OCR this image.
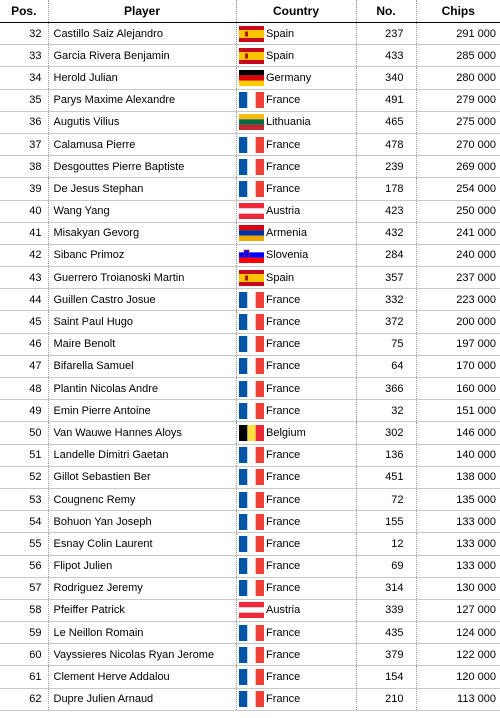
Pos.	Player	Country		No.	Chips
32	Castillo Saiz Alejandro		Spain	237	291 000
33	Garcia Rivera Benjamin		Spain	433	285 000
34	Herold Julian		Germany	340	280 000
35	Parys Maxime Alexandre		France	491	279 000
36	Augutis Vilius		Lithuania	465	275 000
37	Calamusa Pierre		France	478	270 000
38	Desgouttes Pierre Baptiste		France	239	269 000
39	De Jesus Stephan		France	178	254 000
40	Wang Yang		Austria	423	250 000
41	Misakyan Gevorg		Armenia	432	241 000
42	Sibanc Primoz		Slovenia	284	240 000
43	Guerrero Troianoski Martin		Spain	357	237 000
44	Guillen Castro Josue		France	332	223 000
45	Saint Paul Hugo		France	372	200 000
46	Maire Benolt		France	75	197 000
47	Bifarella Samuel		France	64	170 000
48	Plantin Nicolas Andre		France	366	160 000
49	Emin Pierre Antoine		France	32	151 000
50	Van Wauwe Hannes Aloys		Belgium	302	146 000
51	Landelle Dimitri Gaetan		France	136	140 000
52	Gillot Sebastien Ber		France	451	138 000
53	Cougnenc Remy		France	72	135 000
54	Bohuon Yan Joseph		France	155	133 000
55	Esnay Colin Laurent		France	12	133 000
56	Flipot Julien		France	69	133 000
57	Rodriguez Jeremy		France	314	130 000
58	Pfeiffer Patrick		Austria	339	127 000
59	Le Neillon Romain		France	435	124 000
60	Vayssieres Nicolas Ryan Jerome		France	379	122 000
61	Clement Herve Addalou		France	154	120 000
62	Dupre Julien Arnaud		France	210	113 000
